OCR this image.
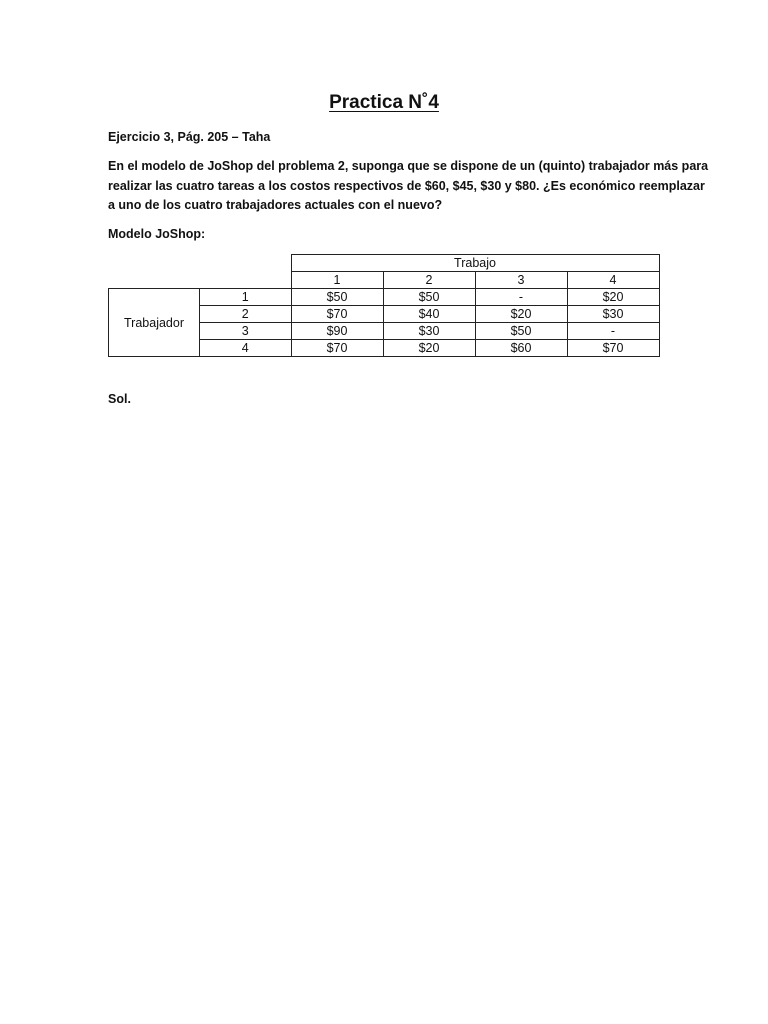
Practica N˚4
Ejercicio 3, Pág. 205 – Taha
En el modelo de JoShop del problema 2, suponga que se dispone de un (quinto) trabajador más para
realizar las cuatro tareas a los costos respectivos de $60, $45, $30 y $80. ¿Es económico reemplazar
a uno de los cuatro trabajadores actuales con el nuevo?
Modelo JoShop:
		Trabajo			
		1	2	3	4
Trabajador	1	$50	$50	-	$20
	2	$70	$40	$20	$30
	3	$90	$30	$50	-
	4	$70	$20	$60	$70
Sol.
